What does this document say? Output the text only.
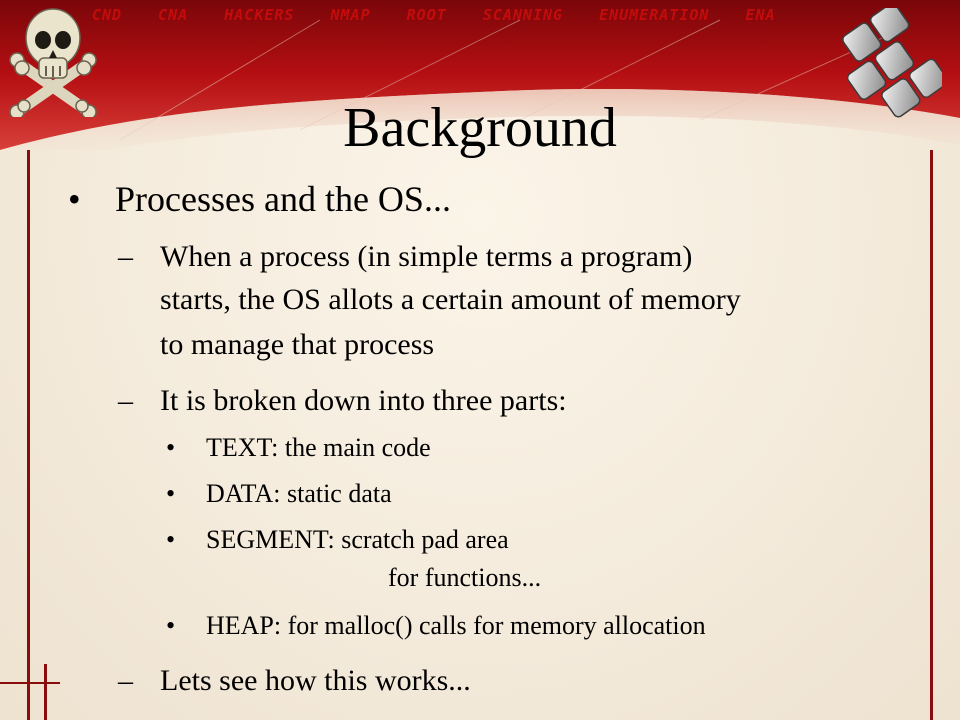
CND CNA HACKERS NMAP ROOT SCANNING ENUMERATION ENA
Background
• Processes and the OS...
– When a process (in simple terms a program)
starts, the OS allots a certain amount of memory
to manage that process
– It is broken down into three parts:
• TEXT: the main code
• DATA: static data
• SEGMENT: scratch pad area
for functions...
• HEAP: for malloc() calls for memory allocation
– Lets see how this works...
